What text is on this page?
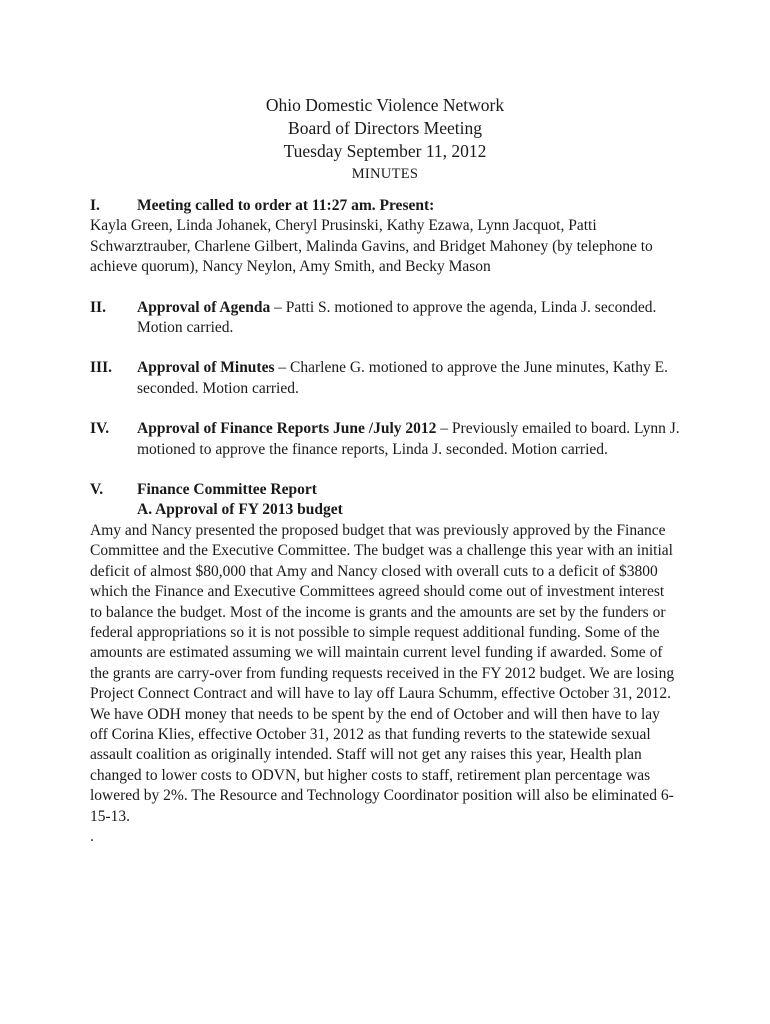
Ohio Domestic Violence Network
Board of Directors Meeting
Tuesday September 11, 2012
MINUTES
I.	Meeting called to order at 11:27 am. Present:

Kayla Green, Linda Johanek, Cheryl Prusinski, Kathy Ezawa, Lynn Jacquot, Patti Schwarztrauber, Charlene Gilbert, Malinda Gavins, and Bridget Mahoney (by telephone to achieve quorum), Nancy Neylon, Amy Smith, and Becky Mason

II.	Approval of Agenda – Patti S. motioned to approve the agenda, Linda J. seconded. Motion carried.
III.	Approval of Minutes – Charlene G. motioned to approve the June minutes, Kathy E. seconded. Motion carried.
IV.	Approval of Finance Reports June /July 2012 – Previously emailed to board. Lynn J. motioned to approve the finance reports, Linda J. seconded. Motion carried.
V.	Finance Committee Report
A. Approval of FY 2013 budget

Amy and Nancy presented the proposed budget that was previously approved by the Finance Committee and the Executive Committee. The budget was a challenge this year with an initial deficit of almost $80,000 that Amy and Nancy closed with overall cuts to a deficit of $3800 which the Finance and Executive Committees agreed should come out of investment interest to balance the budget. Most of the income is grants and the amounts are set by the funders or federal appropriations so it is not possible to simple request additional funding. Some of the amounts are estimated assuming we will maintain current level funding if awarded. Some of the grants are carry-over from funding requests received in the FY 2012 budget. We are losing Project Connect Contract and will have to lay off Laura Schumm, effective October 31, 2012. We have ODH money that needs to be spent by the end of October and will then have to lay off Corina Klies, effective October 31, 2012 as that funding reverts to the statewide sexual assault coalition as originally intended. Staff will not get any raises this year, Health plan changed to lower costs to ODVN, but higher costs to staff, retirement plan percentage was lowered by 2%. The Resource and Technology Coordinator position will also be eliminated 6-15-13.

.
